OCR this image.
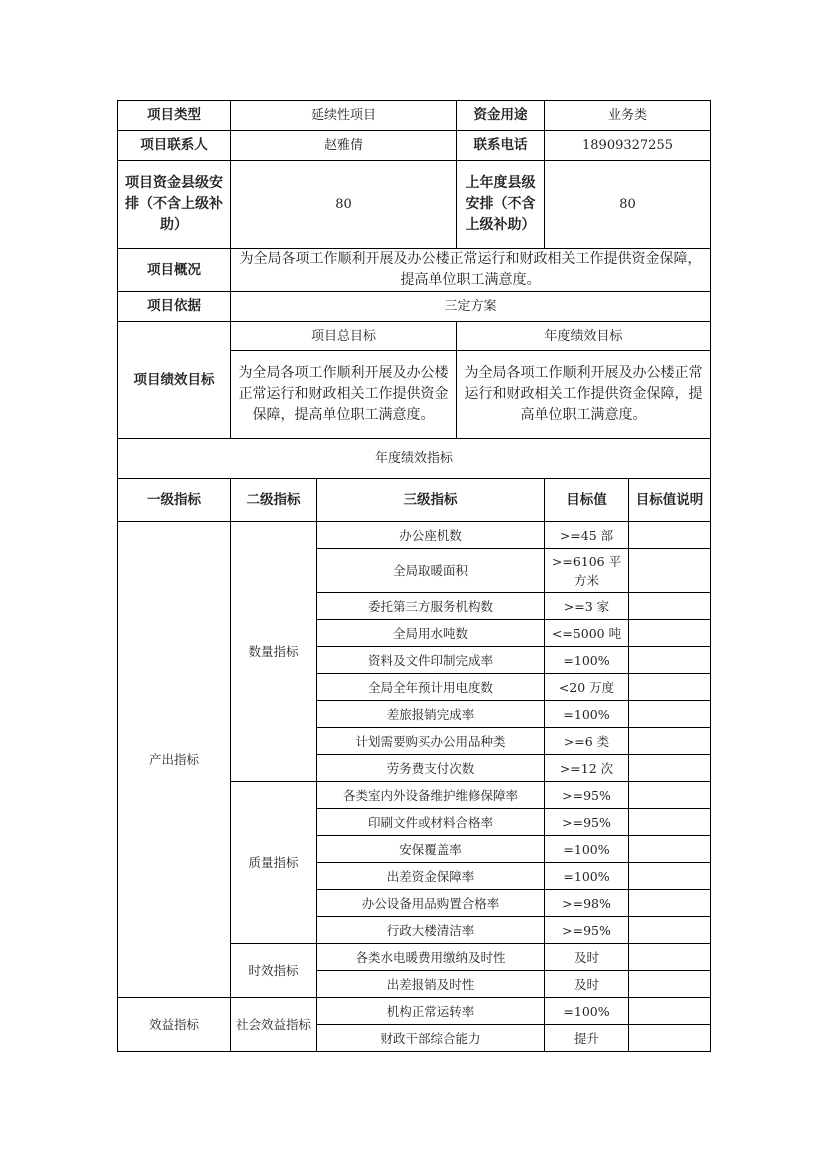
项目类型	延续性项目	资金用途	业务类
项目联系人	赵雅倩	联系电话	18909327255
项目资金县级安排（不含上级补助）	80	上年度县级安排（不含上级补助）	80
项目概况	为全局各项工作顺利开展及办公楼正常运行和财政相关工作提供资金保障，提高单位职工满意度。		
项目依据	三定方案		
项目绩效目标	项目总目标	年度绩效目标	
	为全局各项工作顺利开展及办公楼正常运行和财政相关工作提供资金保障，提高单位职工满意度。	为全局各项工作顺利开展及办公楼正常运行和财政相关工作提供资金保障，提高单位职工满意度。	
年度绩效指标			
一级指标	二级指标	三级指标	目标值	目标值说明
产出指标	数量指标	办公座机数	>=45 部	
		全局取暖面积	>=6106 平方米	
		委托第三方服务机构数	>=3 家	
		全局用水吨数	<=5000 吨	
		资料及文件印制完成率	=100%	
		全局全年预计用电度数	<20 万度	
		差旅报销完成率	=100%	
		计划需要购买办公用品种类	>=6 类	
		劳务费支付次数	>=12 次	
	质量指标	各类室内外设备维护维修保障率	>=95%	
		印刷文件或材料合格率	>=95%	
		安保覆盖率	=100%	
		出差资金保障率	=100%	
		办公设备用品购置合格率	>=98%	
		行政大楼清洁率	>=95%	
	时效指标	各类水电暖费用缴纳及时性	及时	
		出差报销及时性	及时	
效益指标	社会效益指标	机构正常运转率	=100%	
		财政干部综合能力	提升	
